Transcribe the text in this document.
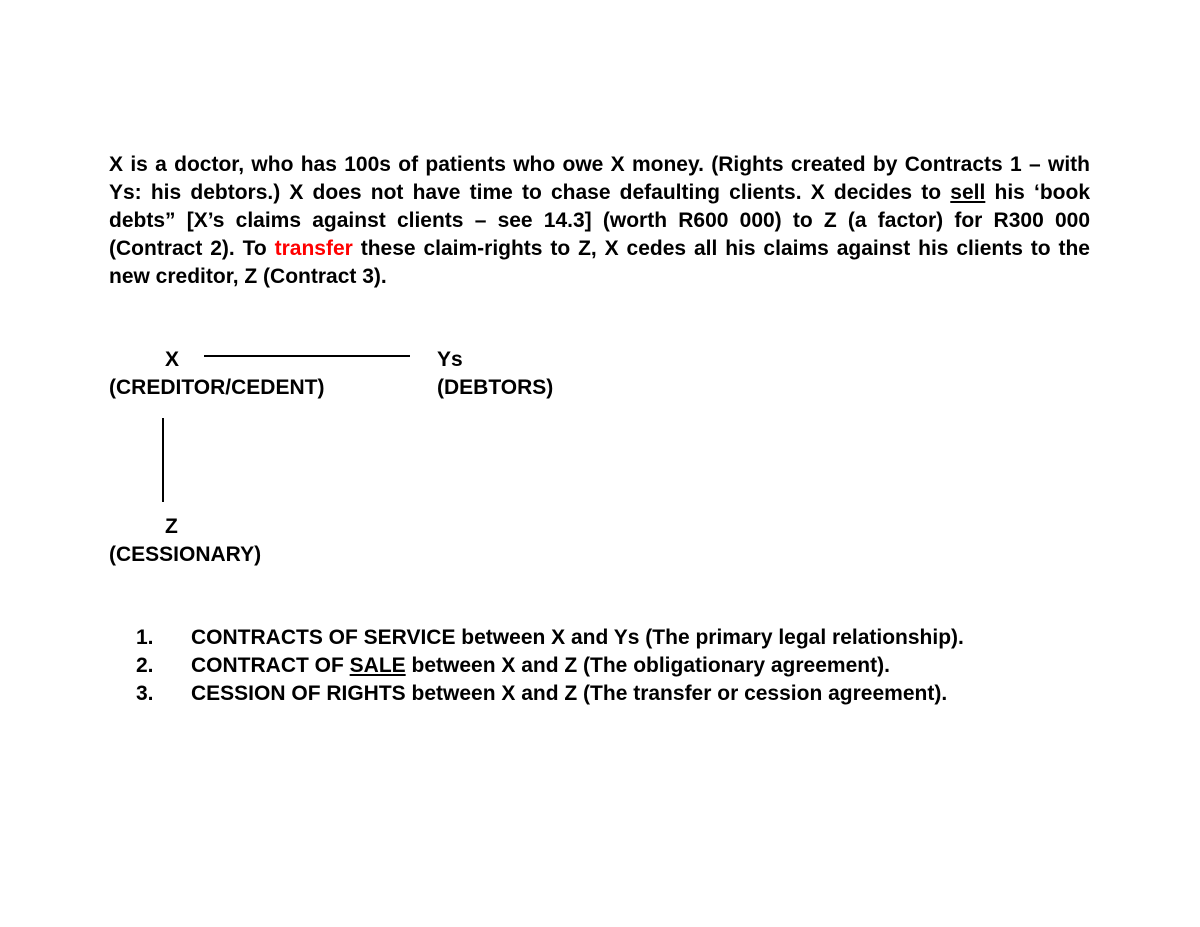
X is a doctor, who has 100s of patients who owe X money. (Rights created by Contracts 1 – with Ys: his debtors.) X does not have time to chase defaulting clients. X decides to sell his ‘book debts” [X’s claims against clients – see 14.3] (worth R600 000) to Z (a factor) for R300 000 (Contract 2). To transfer these claim-rights to Z, X cedes all his claims against his clients to the new creditor, Z (Contract 3).

X	Ys
(CREDITOR/CEDENT)	(DEBTORS)
Z
(CESSIONARY)
1.	CONTRACTS OF SERVICE between X and Ys (The primary legal relationship).
2.	CONTRACT OF SALE between X and Z (The obligationary agreement).
3.	CESSION OF RIGHTS between X and Z (The transfer or cession agreement).
